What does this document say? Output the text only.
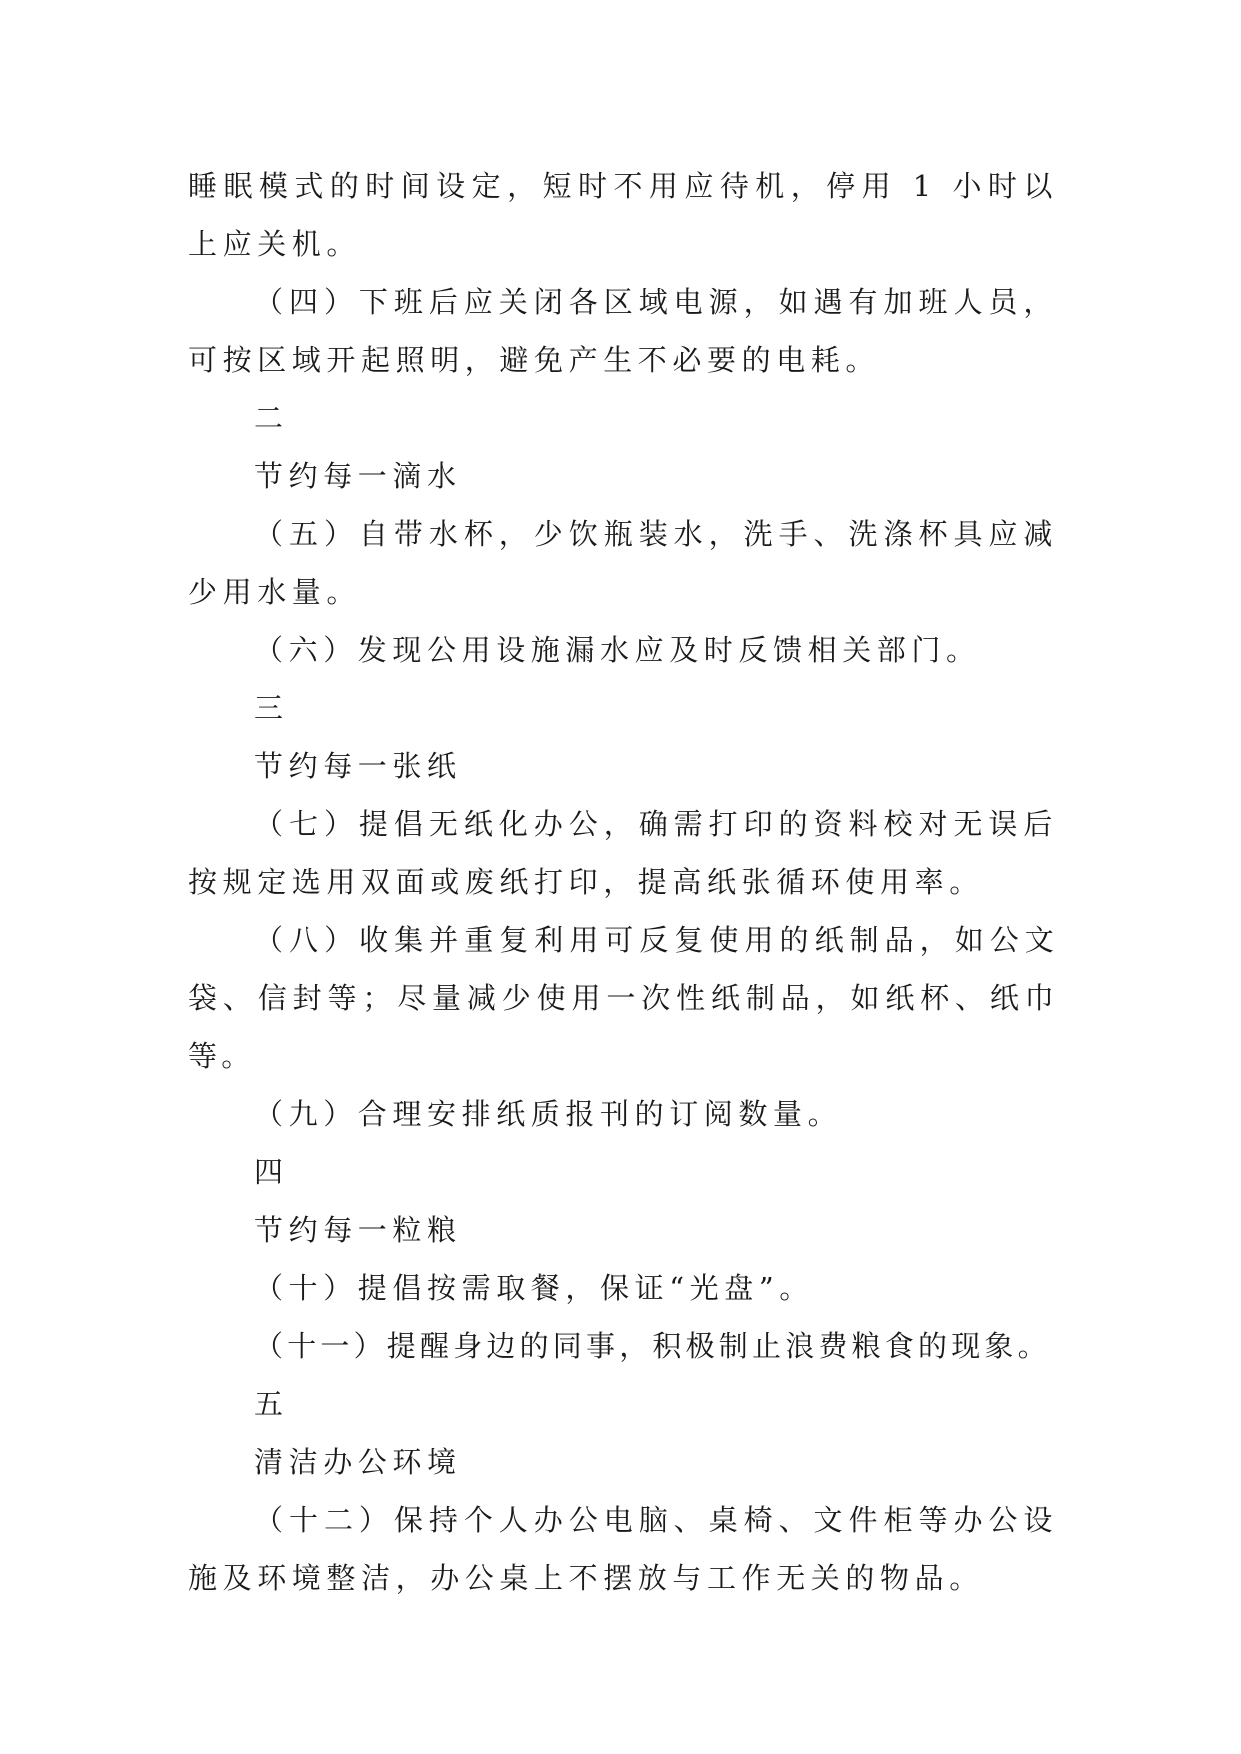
睡眠模式的时间设定，短时不用应待机，停用 1 小时以上应关机。

（四）下班后应关闭各区域电源，如遇有加班人员，可按区域开起照明，避免产生不必要的电耗。

二

节约每一滴水

（五）自带水杯，少饮瓶装水，洗手、洗涤杯具应减少用水量。

（六）发现公用设施漏水应及时反馈相关部门。

三

节约每一张纸

（七）提倡无纸化办公，确需打印的资料校对无误后按规定选用双面或废纸打印，提高纸张循环使用率。

（八）收集并重复利用可反复使用的纸制品，如公文袋、信封等；尽量减少使用一次性纸制品，如纸杯、纸巾等。

（九）合理安排纸质报刊的订阅数量。

四

节约每一粒粮

（十）提倡按需取餐，保证“光盘”。

（十一）提醒身边的同事，积极制止浪费粮食的现象。

五

清洁办公环境

（十二）保持个人办公电脑、桌椅、文件柜等办公设施及环境整洁，办公桌上不摆放与工作无关的物品。
